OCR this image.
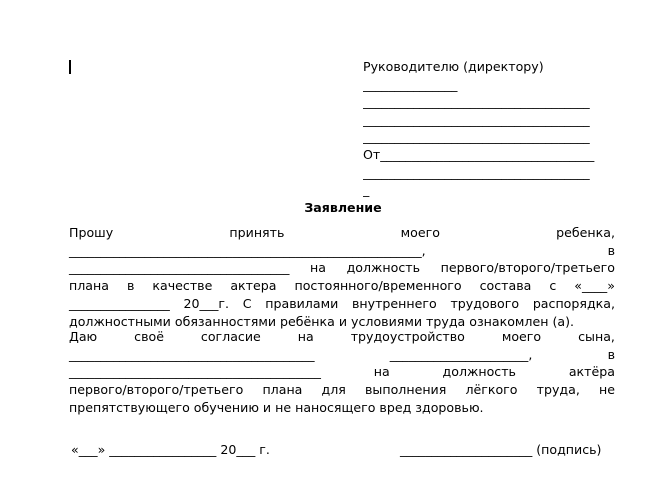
Руководителю (директору)
_______________
____________________________________
____________________________________
____________________________________
От__________________________________
____________________________________
_
Заявление
Прошу	принять	моего	ребенка,
________________________________________________________,	в
___________________________________ на должность первого/второго/третьего
плана в качестве актера постоянного/временного состава с «____»
________________ 20___г. С правилами внутреннего трудового распорядка,
должностными обязанностями ребёнка и условиями труда ознакомлен (а).
Даю	своё	согласие	на	трудоустройство	моего	сына,
_______________________________________	______________________,	в
________________________________________	на	должность	актёра
первого/второго/третьего плана для выполнения лёгкого труда, не
препятствующего обучению и не наносящего вред здоровью.
«___» _________________ 20___ г.	_____________________ (подпись)
